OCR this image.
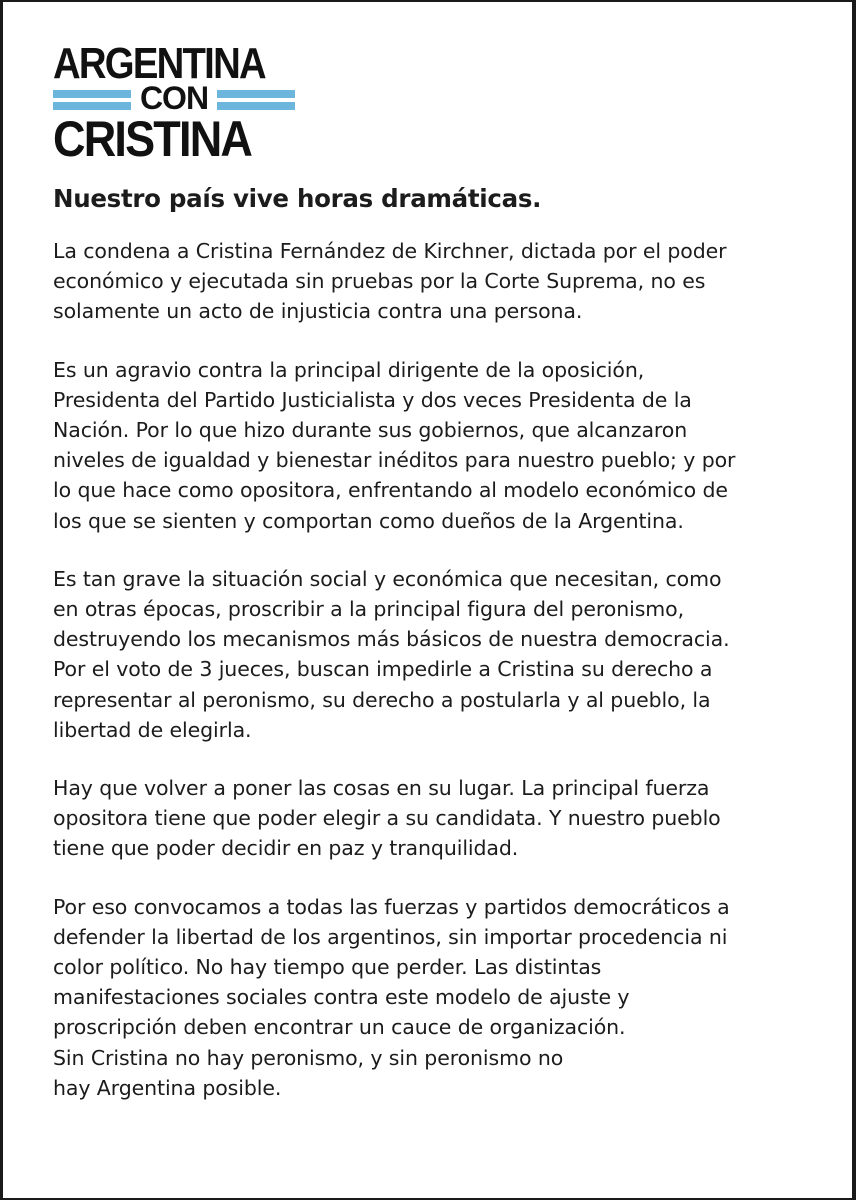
ARGENTINA
CON
CRISTINA
Nuestro país vive horas dramáticas.

La condena a Cristina Fernández de Kirchner, dictada por el poder
económico y ejecutada sin pruebas por la Corte Suprema, no es
solamente un acto de injusticia contra una persona.

Es un agravio contra la principal dirigente de la oposición,
Presidenta del Partido Justicialista y dos veces Presidenta de la
Nación. Por lo que hizo durante sus gobiernos, que alcanzaron
niveles de igualdad y bienestar inéditos para nuestro pueblo; y por
lo que hace como opositora, enfrentando al modelo económico de
los que se sienten y comportan como dueños de la Argentina.

Es tan grave la situación social y económica que necesitan, como
en otras épocas, proscribir a la principal figura del peronismo,
destruyendo los mecanismos más básicos de nuestra democracia.
Por el voto de 3 jueces, buscan impedirle a Cristina su derecho a
representar al peronismo, su derecho a postularla y al pueblo, la
libertad de elegirla.

Hay que volver a poner las cosas en su lugar. La principal fuerza
opositora tiene que poder elegir a su candidata. Y nuestro pueblo
tiene que poder decidir en paz y tranquilidad.

Por eso convocamos a todas las fuerzas y partidos democráticos a
defender la libertad de los argentinos, sin importar procedencia ni
color político. No hay tiempo que perder. Las distintas
manifestaciones sociales contra este modelo de ajuste y
proscripción deben encontrar un cauce de organización.
Sin Cristina no hay peronismo, y sin peronismo no
hay Argentina posible.
